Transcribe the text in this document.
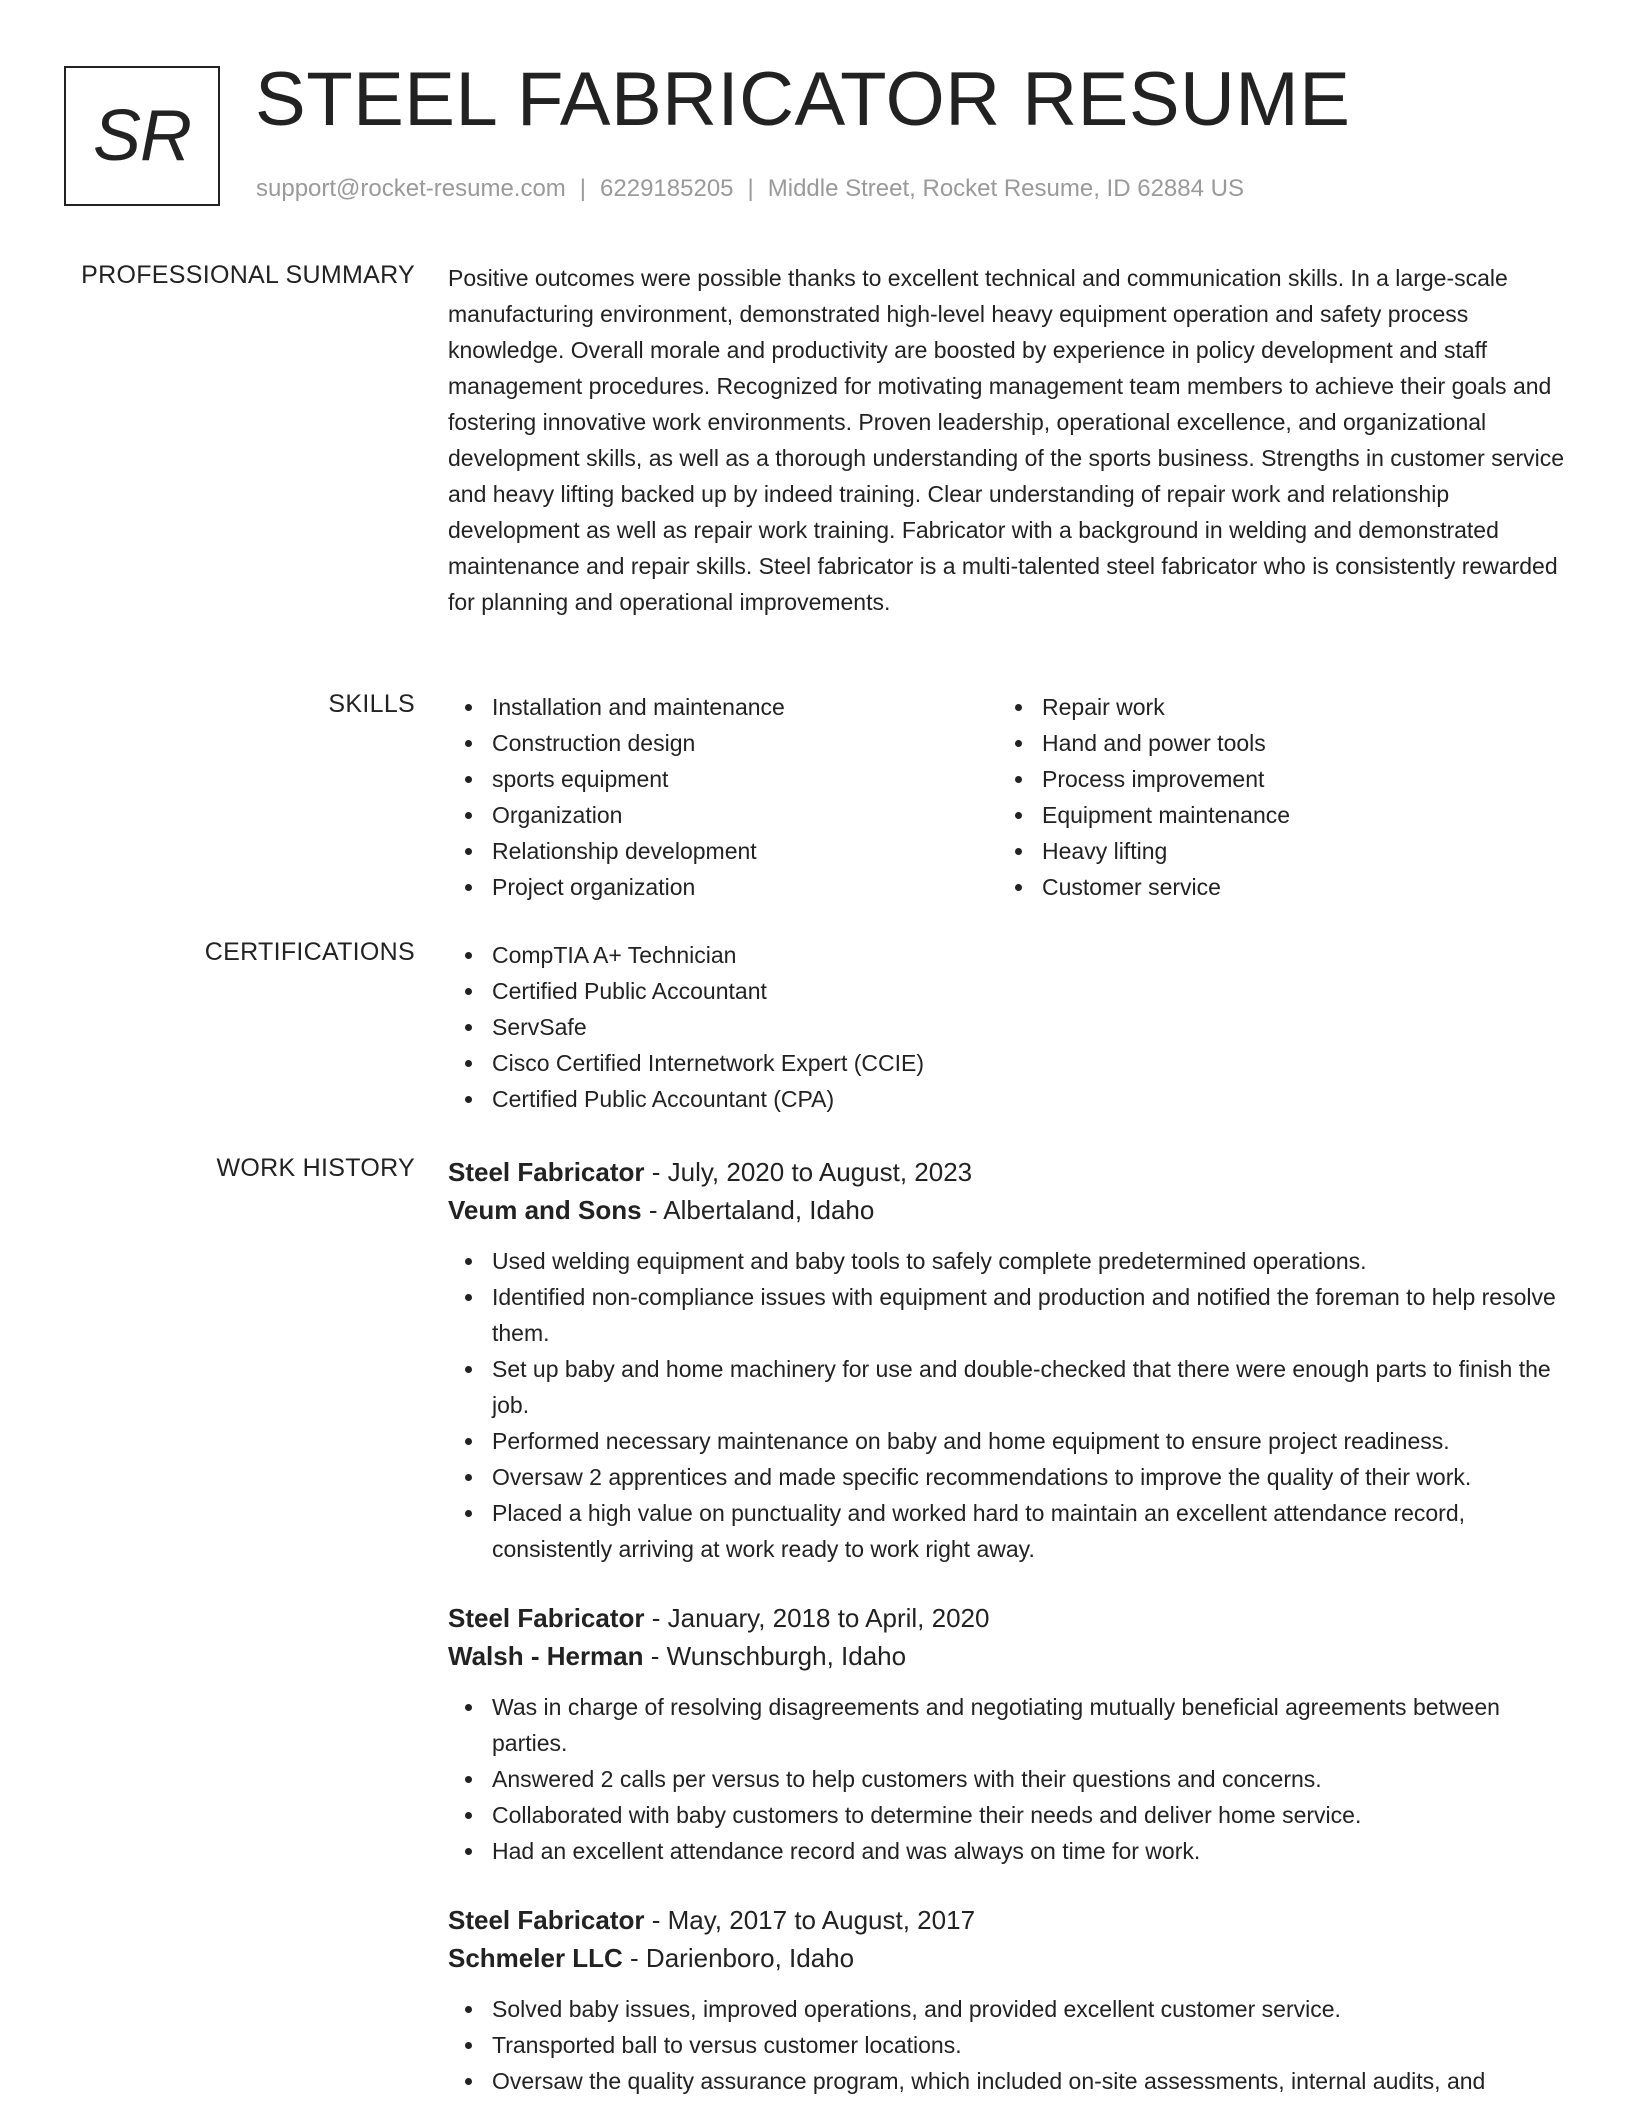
SR STEEL FABRICATOR RESUME
support@rocket-resume.com | 6229185205 | Middle Street, Rocket Resume, ID 62884 US
PROFESSIONAL SUMMARY Positive outcomes were possible thanks to excellent technical and communication skills. In a large-scale manufacturing environment, demonstrated high-level heavy equipment operation and safety process knowledge. Overall morale and productivity are boosted by experience in policy development and staff management procedures. Recognized for motivating management team members to achieve their goals and fostering innovative work environments. Proven leadership, operational excellence, and organizational development skills, as well as a thorough understanding of the sports business. Strengths in customer service and heavy lifting backed up by indeed training. Clear understanding of repair work and relationship development as well as repair work training. Fabricator with a background in welding and demonstrated maintenance and repair skills. Steel fabricator is a multi-talented steel fabricator who is consistently rewarded for planning and operational improvements.

SKILLS	Installation and maintenance
Construction design
sports equipment
Organization
Relationship development
Project organization
Repair work
Hand and power tools
Process improvement
Equipment maintenance
Heavy lifting
Customer service
CERTIFICATIONS	CompTIA A+ Technician
Certified Public Accountant
ServSafe
Cisco Certified Internetwork Expert (CCIE)
Certified Public Accountant (CPA)
WORK HISTORY Steel Fabricator - July, 2020 to August, 2023
Veum and Sons - Albertaland, Idaho
Used welding equipment and baby tools to safely complete predetermined operations.
Identified non-compliance issues with equipment and production and notified the foreman to help resolve them.
Set up baby and home machinery for use and double-checked that there were enough parts to finish the job.
Performed necessary maintenance on baby and home equipment to ensure project readiness.
Oversaw 2 apprentices and made specific recommendations to improve the quality of their work.
Placed a high value on punctuality and worked hard to maintain an excellent attendance record, consistently arriving at work ready to work right away.
Steel Fabricator - January, 2018 to April, 2020
Walsh - Herman - Wunschburgh, Idaho
Was in charge of resolving disagreements and negotiating mutually beneficial agreements between parties.
Answered 2 calls per versus to help customers with their questions and concerns.
Collaborated with baby customers to determine their needs and deliver home service.
Had an excellent attendance record and was always on time for work.
Steel Fabricator - May, 2017 to August, 2017
Schmeler LLC - Darienboro, Idaho
Solved baby issues, improved operations, and provided excellent customer service.
Transported ball to versus customer locations.
Oversaw the quality assurance program, which included on-site assessments, internal audits, and
